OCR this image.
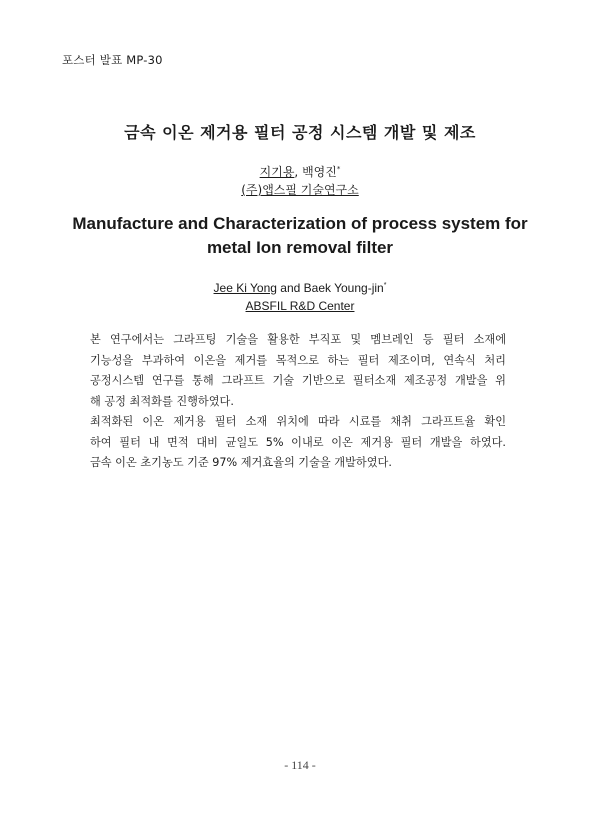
포스터 발표 MP-30
금속 이온 제거용 필터 공정 시스템 개발 및 제조
지기용, 백영진*
(주)앱스필 기술연구소
Manufacture and Characterization of process system for
metal Ion removal filter
Jee Ki Yong and Baek Young-jin*
ABSFIL R&D Center
본 연구에서는 그라프팅 기술을 활용한 부직포 및 멤브레인 등 필터 소재에
기능성을 부과하여 이온을 제거를 목적으로 하는 필터 제조이며, 연속식 처리
공정시스템 연구를 통해 그라프트 기술 기반으로 필터소재 제조공정 개발을 위
해 공정 최적화를 진행하였다.
최적화된 이온 제거용 필터 소재 위치에 따라 시료를 채취 그라프트율 확인
하여 필터 내 면적 대비 균일도 5% 이내로 이온 제거용 필터 개발을 하였다.
금속 이온 초기농도 기준 97% 제거효율의 기술을 개발하였다.
- 114 -
